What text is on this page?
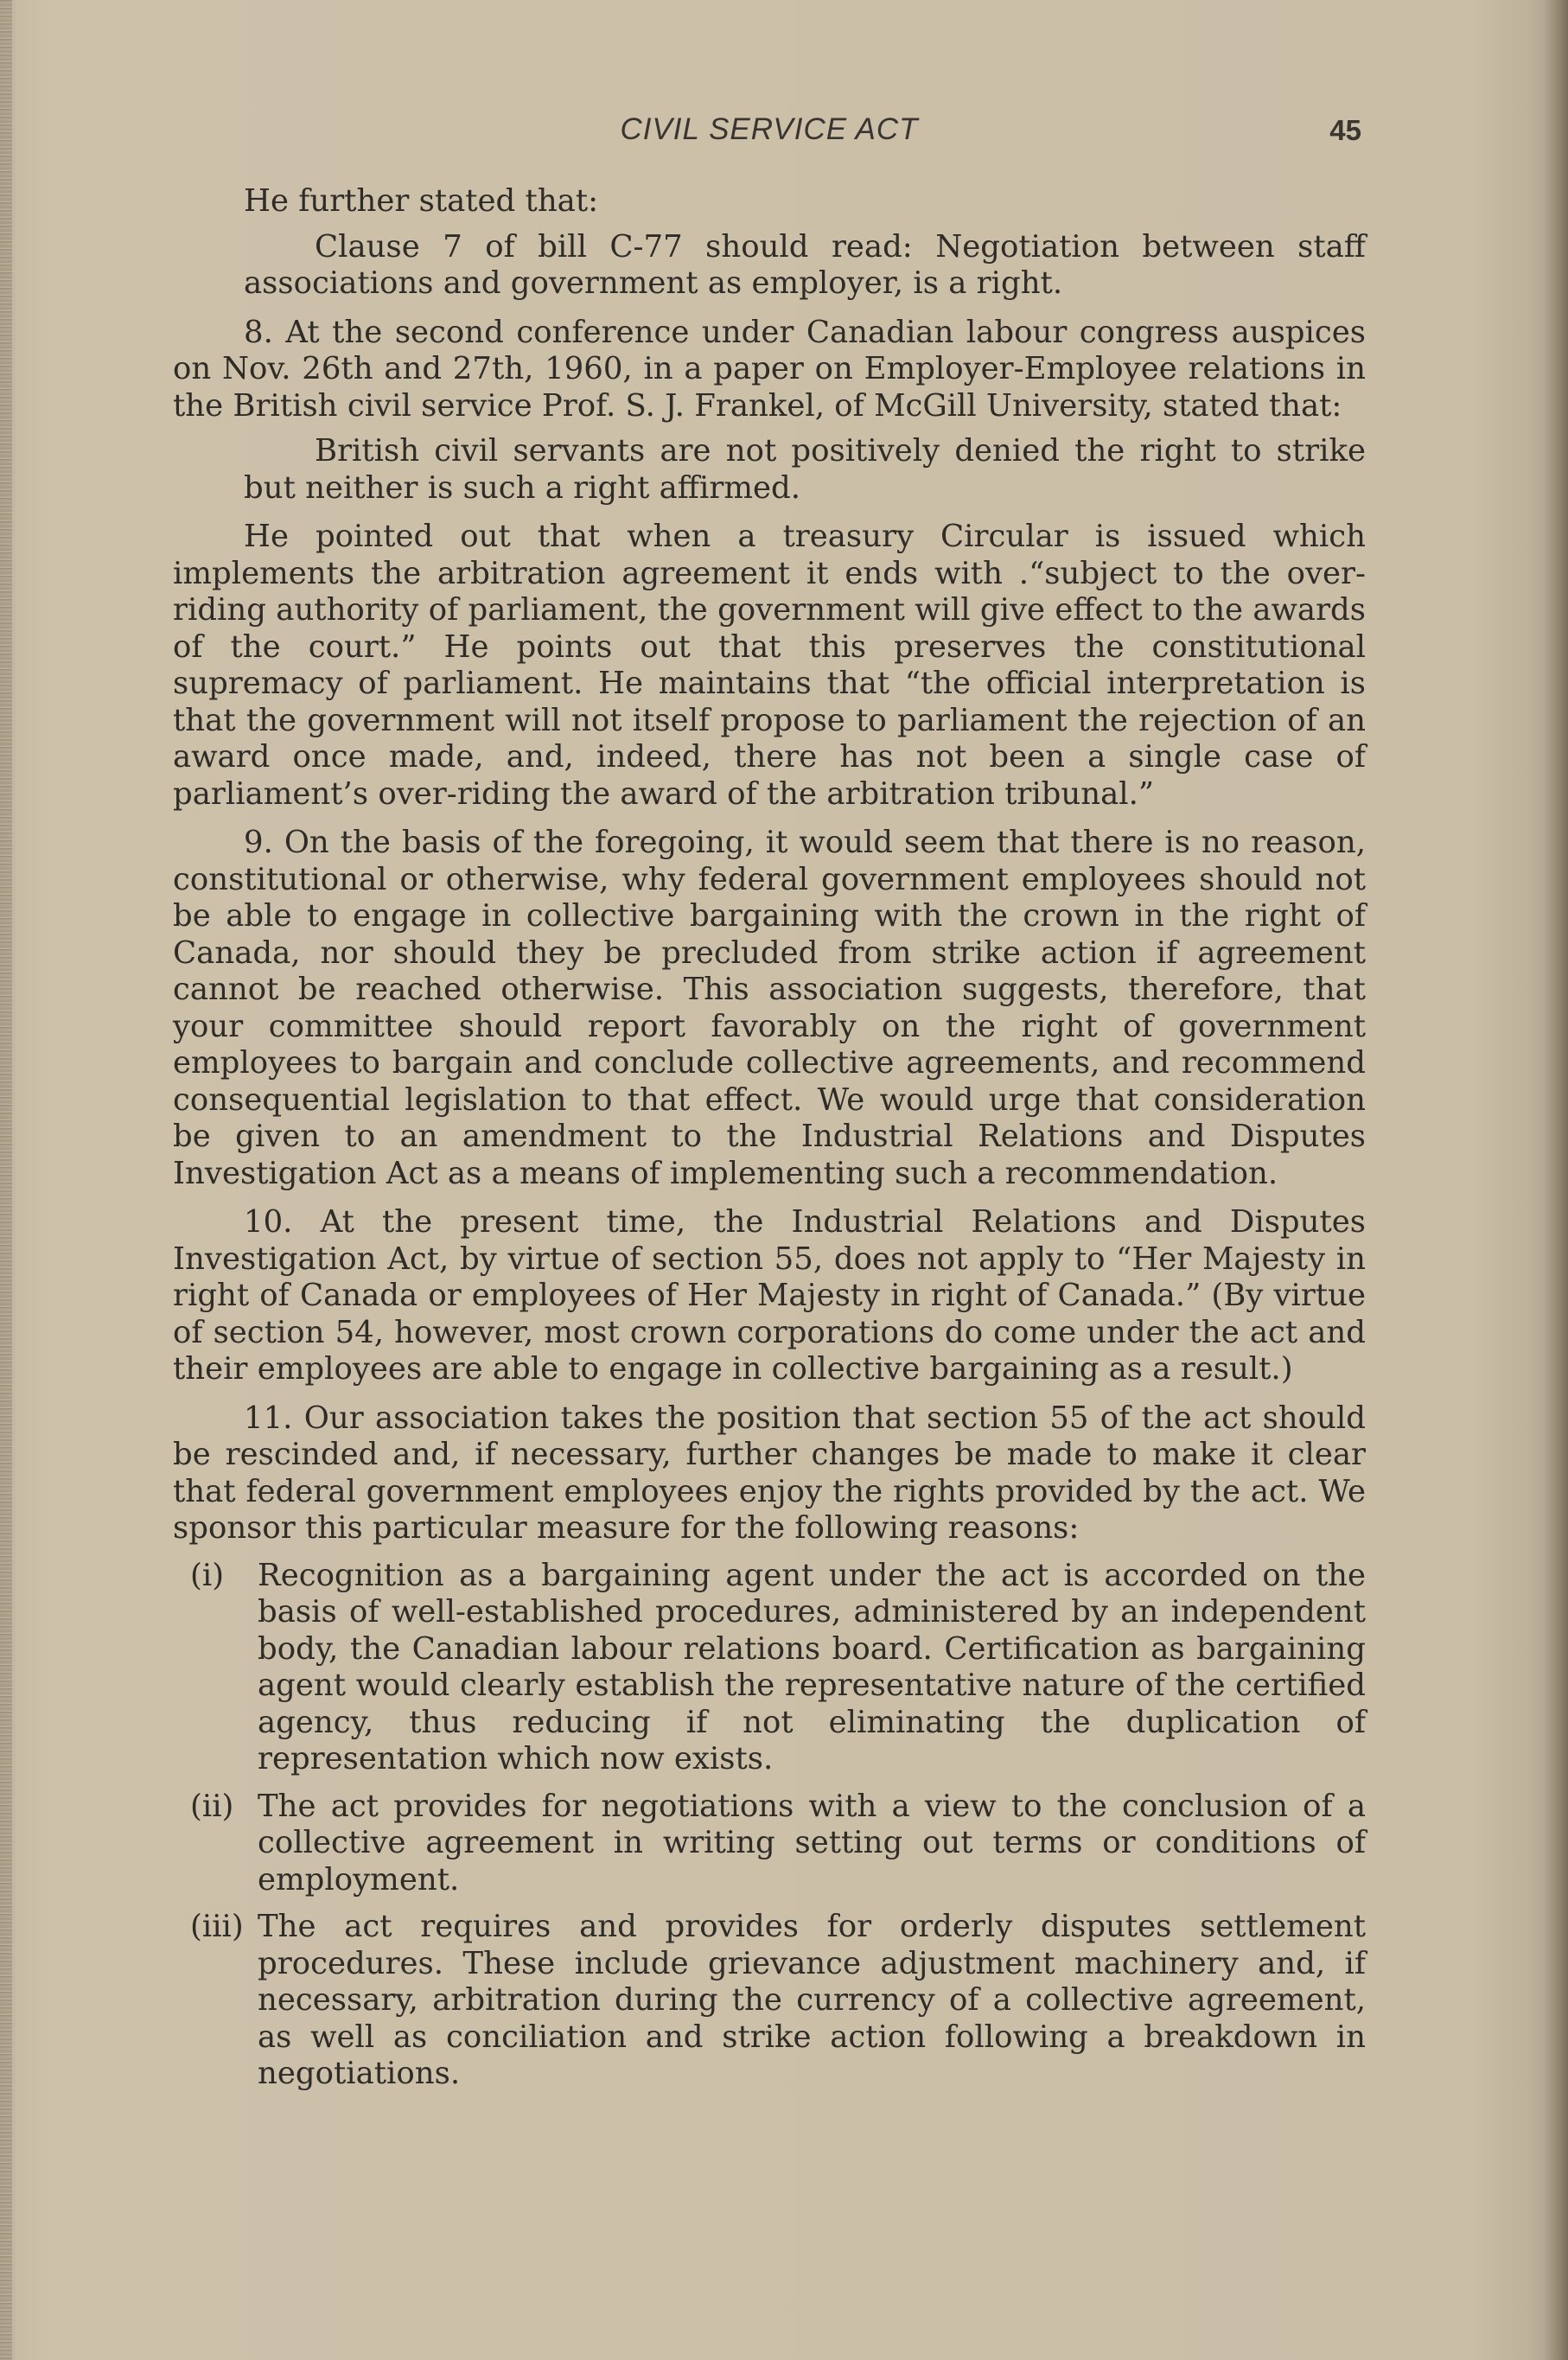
CIVIL SERVICE ACT	45

He further stated that:

Clause 7 of bill C-77 should read: Negotiation between staff associations and government as employer, is a right.

8. At the second conference under Canadian labour congress auspices on Nov. 26th and 27th, 1960, in a paper on Employer-Employee relations in the British civil service Prof. S. J. Frankel, of McGill University, stated that:

British civil servants are not positively denied the right to strike but neither is such a right affirmed.

He pointed out that when a treasury Circular is issued which implements the arbitration agreement it ends with .“subject to the over-riding authority of parliament, the government will give effect to the awards of the court.” He points out that this preserves the constitutional supremacy of parliament. He maintains that “the official interpretation is that the government will not itself propose to parliament the rejection of an award once made, and, indeed, there has not been a single case of parliament’s over-riding the award of the arbitration tribunal.”

9. On the basis of the foregoing, it would seem that there is no reason, constitutional or otherwise, why federal government employees should not be able to engage in collective bargaining with the crown in the right of Canada, nor should they be precluded from strike action if agreement cannot be reached otherwise. This association suggests, therefore, that your committee should report favorably on the right of government employees to bargain and conclude collective agreements, and recommend consequential legislation to that effect. We would urge that consideration be given to an amendment to the Industrial Relations and Disputes Investigation Act as a means of implementing such a recommendation.

10. At the present time, the Industrial Relations and Disputes Investigation Act, by virtue of section 55, does not apply to “Her Majesty in right of Canada or employees of Her Majesty in right of Canada.” (By virtue of section 54, however, most crown corporations do come under the act and their employees are able to engage in collective bargaining as a result.)

11. Our association takes the position that section 55 of the act should be rescinded and, if necessary, further changes be made to make it clear that federal government employees enjoy the rights provided by the act. We sponsor this particular measure for the following reasons:

(i) Recognition as a bargaining agent under the act is accorded on the basis of well-established procedures, administered by an independent body, the Canadian labour relations board. Certification as bargaining agent would clearly establish the representative nature of the certified agency, thus reducing if not eliminating the duplication of representation which now exists.
(ii) The act provides for negotiations with a view to the conclusion of a collective agreement in writing setting out terms or conditions of employment.
(iii) The act requires and provides for orderly disputes settlement procedures. These include grievance adjustment machinery and, if necessary, arbitration during the currency of a collective agreement, as well as conciliation and strike action following a breakdown in negotiations.
